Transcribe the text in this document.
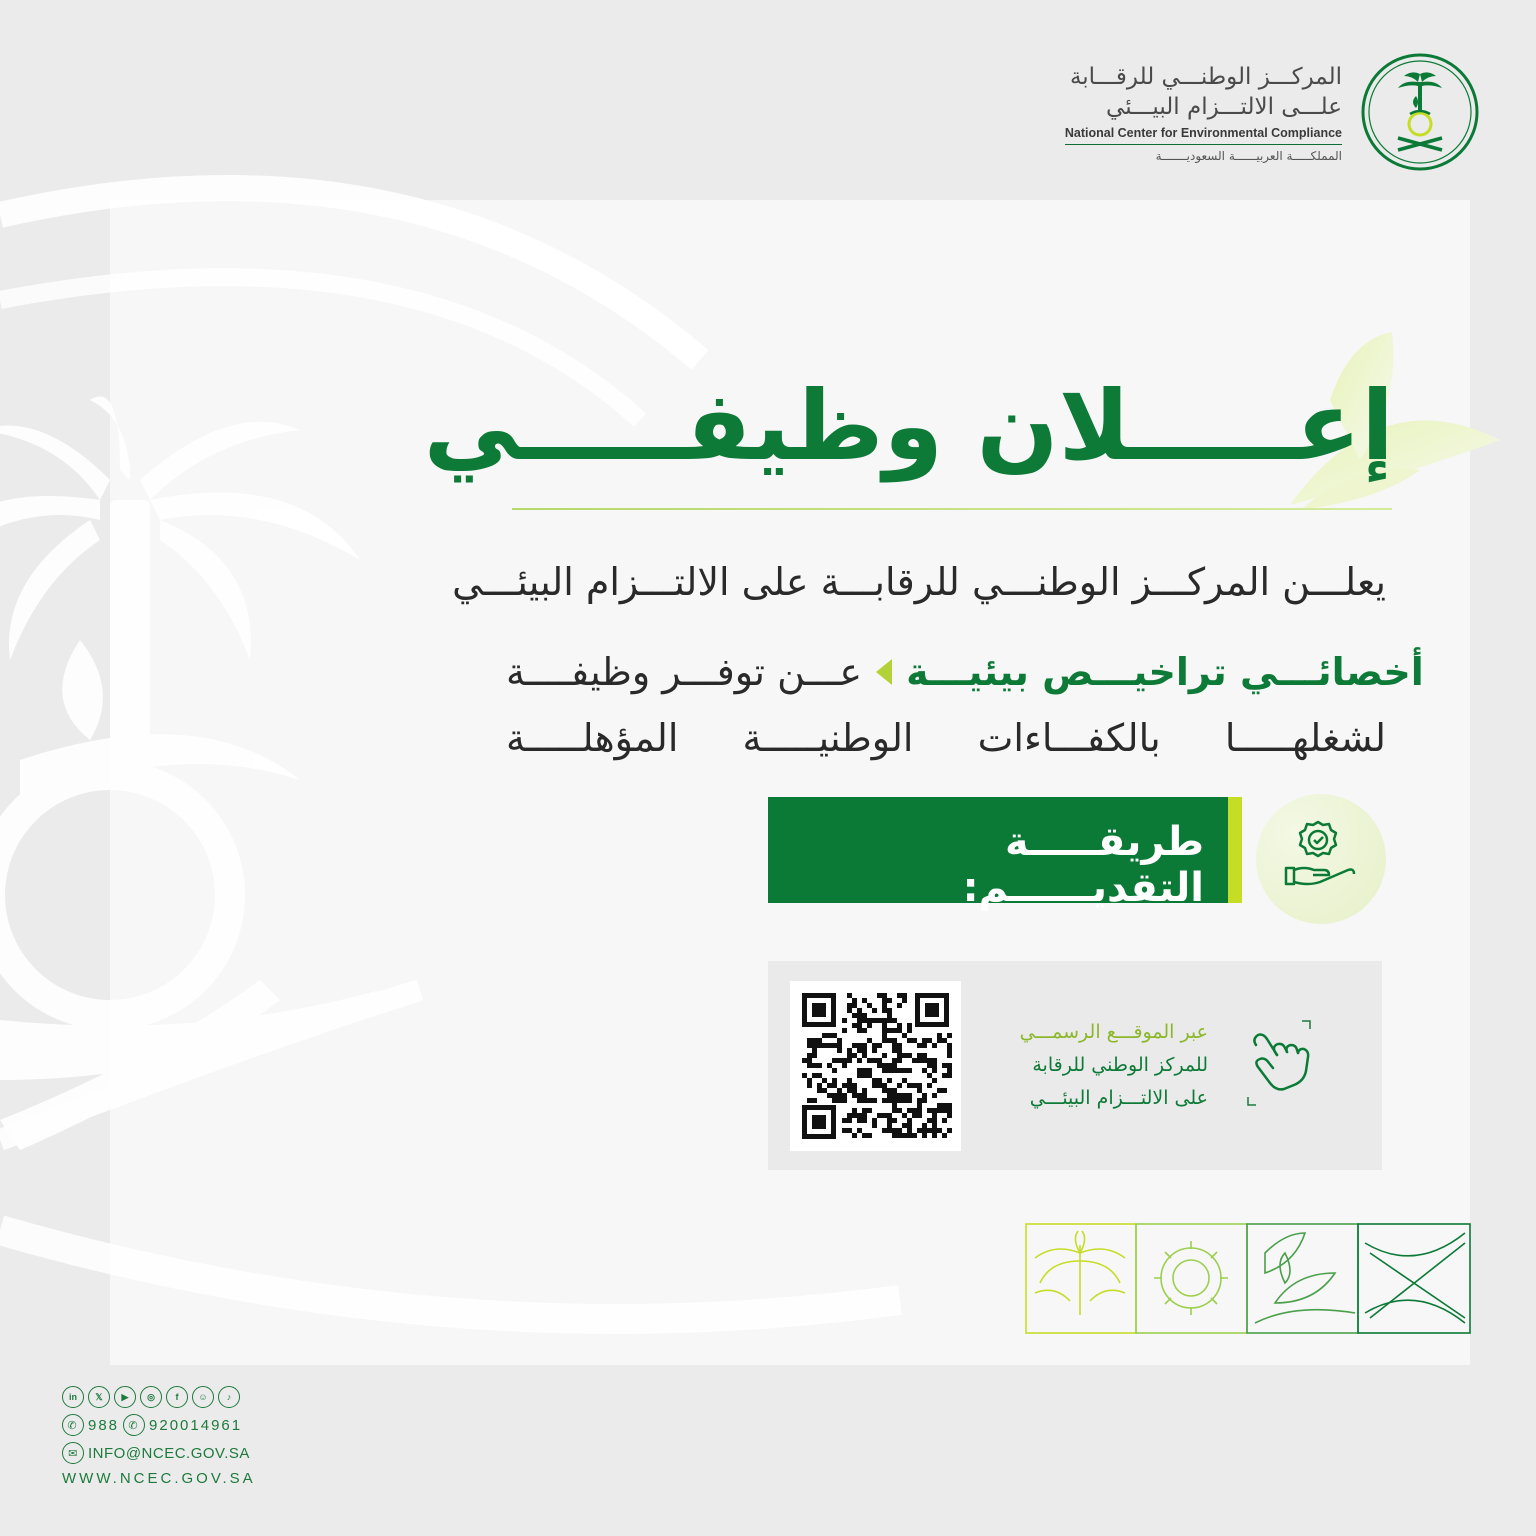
المركـــز الوطنـــي للرقـــابة
علـــى الالتـــزام البيـــئي
National Center for Environmental Compliance
المملكـــــة العربيــــــة السعوديـــــــة
إعـــــلان وظيفـــــي
يعلـــن المركـــز الوطنـــي للرقابـــة على الالتـــزام البيئـــي
عـــن توفـــر وظيفــــة أخصائـــي تراخيـــص بيئيـــة
لشغلهـــــا بالكفـــاءات الوطنيـــــة المؤهلـــــة
طريقـــــة التقديــــــم:
عبر الموقـــع الرسمـــي
للمركز الوطني للرقابة
على الالتـــزام البيئـــي
in	𝕏	▶	◎	f	☺	♪
✆ 988 ✆ 920014961
✉ INFO@NCEC.GOV.SA
WWW.NCEC.GOV.SA
